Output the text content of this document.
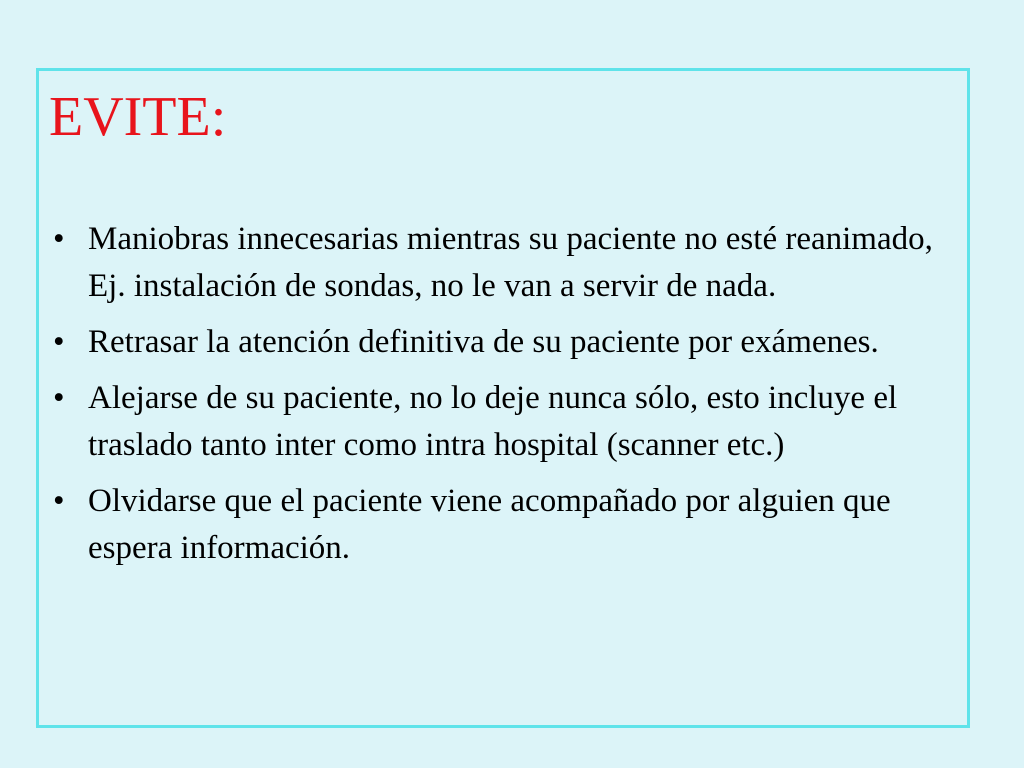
EVITE:
• Maniobras innecesarias mientras su paciente no esté reanimado, Ej. instalación de sondas, no le van a servir de nada.
• Retrasar la atención definitiva de su paciente por exámenes.
• Alejarse de su paciente, no lo deje nunca sólo, esto incluye el traslado tanto inter como intra hospital (scanner etc.)
• Olvidarse que el paciente viene acompañado por alguien que espera información.
